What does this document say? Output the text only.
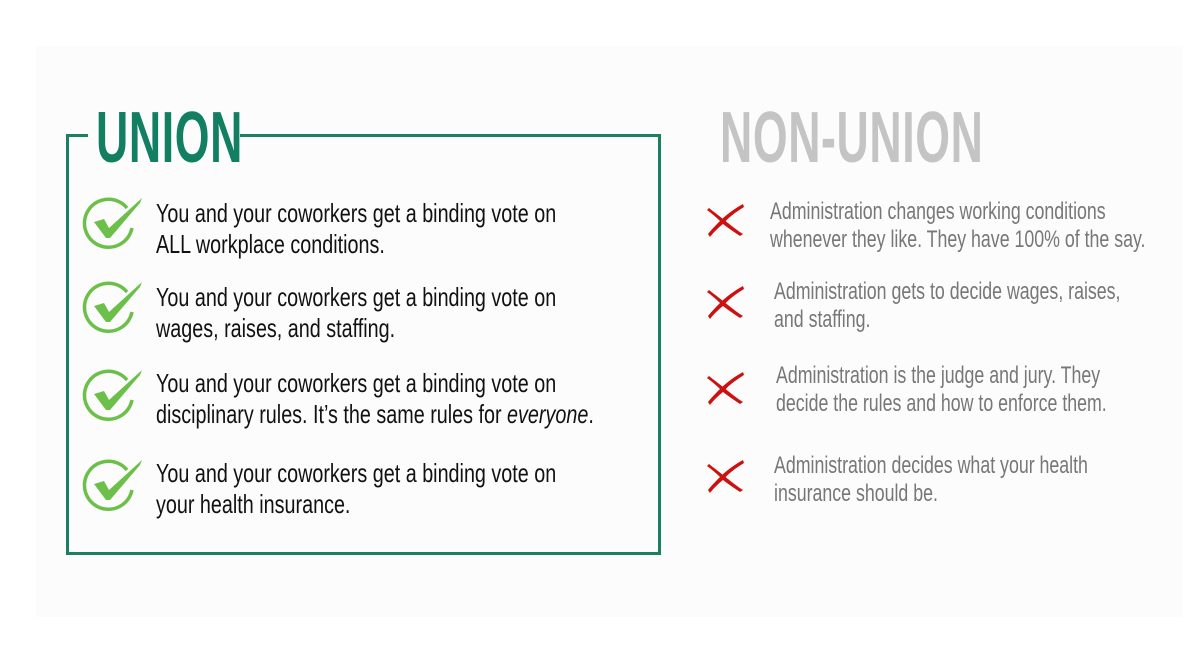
UNION
You and your coworkers get a binding vote on
ALL workplace conditions.
You and your coworkers get a binding vote on
wages, raises, and staffing.
You and your coworkers get a binding vote on
disciplinary rules. It’s the same rules for everyone.
You and your coworkers get a binding vote on
your health insurance.
NON-UNION
Administration changes working conditions
whenever they like. They have 100% of the say.
Administration gets to decide wages, raises,
and staffing.
Administration is the judge and jury. They
decide the rules and how to enforce them.
Administration decides what your health
insurance should be.
